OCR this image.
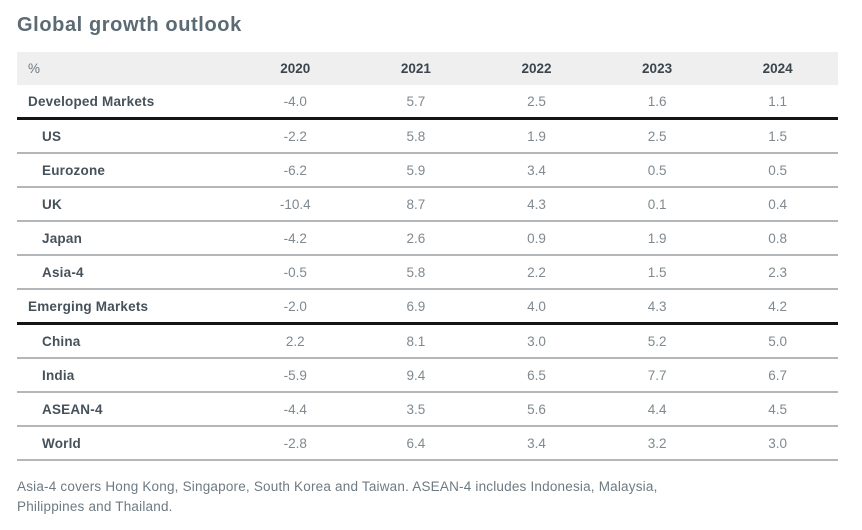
Global growth outlook
%	2020	2021	2022	2023	2024
Developed Markets	-4.0	5.7	2.5	1.6	1.1
US	-2.2	5.8	1.9	2.5	1.5
Eurozone	-6.2	5.9	3.4	0.5	0.5
UK	-10.4	8.7	4.3	0.1	0.4
Japan	-4.2	2.6	0.9	1.9	0.8
Asia-4	-0.5	5.8	2.2	1.5	2.3
Emerging Markets	-2.0	6.9	4.0	4.3	4.2
China	2.2	8.1	3.0	5.2	5.0
India	-5.9	9.4	6.5	7.7	6.7
ASEAN-4	-4.4	3.5	5.6	4.4	4.5
World	-2.8	6.4	3.4	3.2	3.0

Asia-4 covers Hong Kong, Singapore, South Korea and Taiwan. ASEAN-4 includes Indonesia, Malaysia, Philippines and Thailand.
